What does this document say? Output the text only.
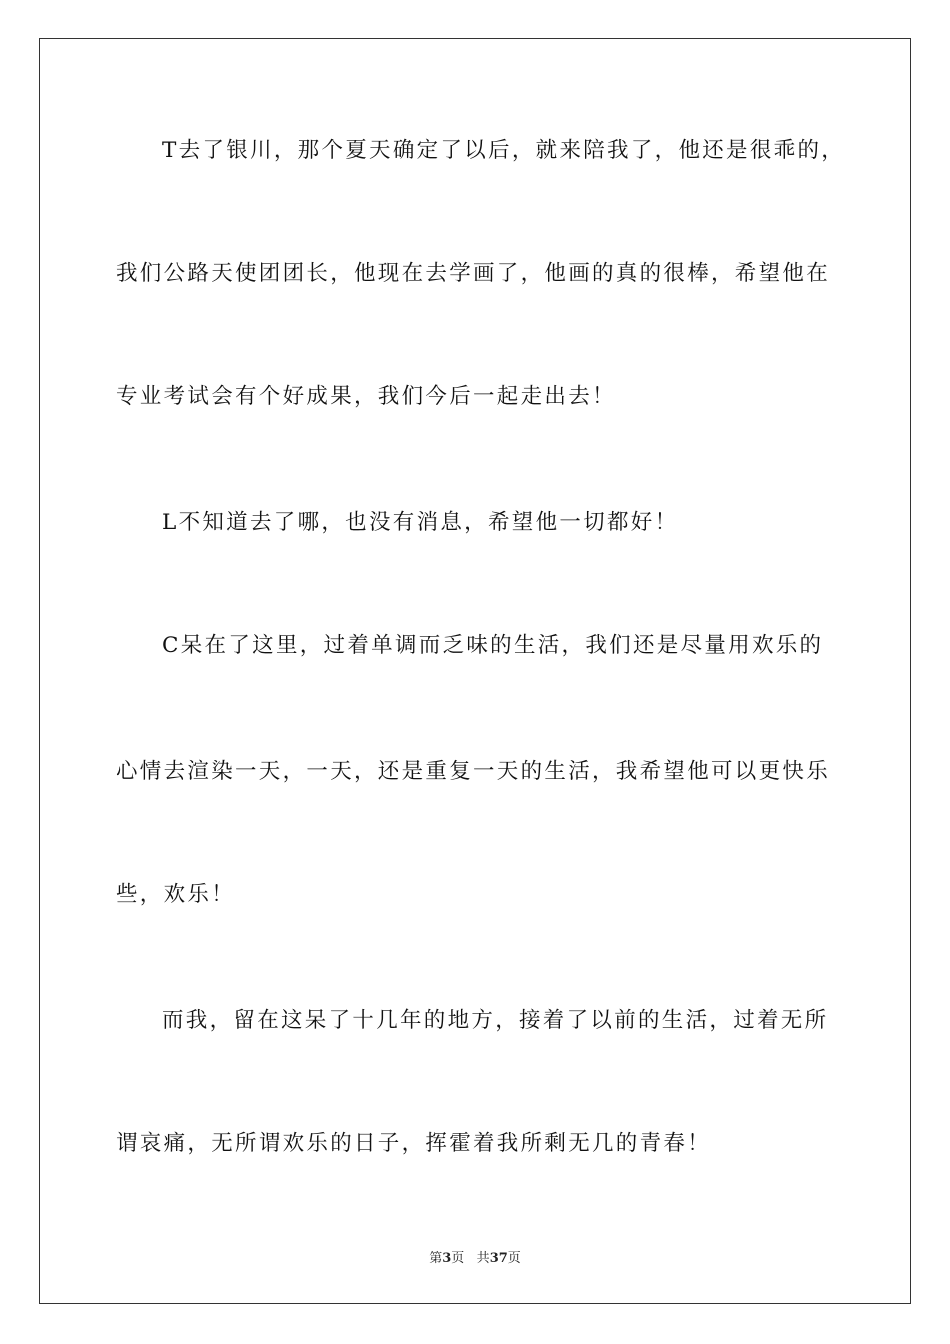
T去了银川，那个夏天确定了以后，就来陪我了，他还是很乖的，
我们公路天使团团长，他现在去学画了，他画的真的很棒，希望他在
专业考试会有个好成果，我们今后一起走出去！
L不知道去了哪，也没有消息，希望他一切都好！
C呆在了这里，过着单调而乏味的生活，我们还是尽量用欢乐的
心情去渲染一天，一天，还是重复一天的生活，我希望他可以更快乐
些，欢乐！
而我，留在这呆了十几年的地方，接着了以前的生活，过着无所
谓哀痛，无所谓欢乐的日子，挥霍着我所剩无几的青春！
第3页 共37页
